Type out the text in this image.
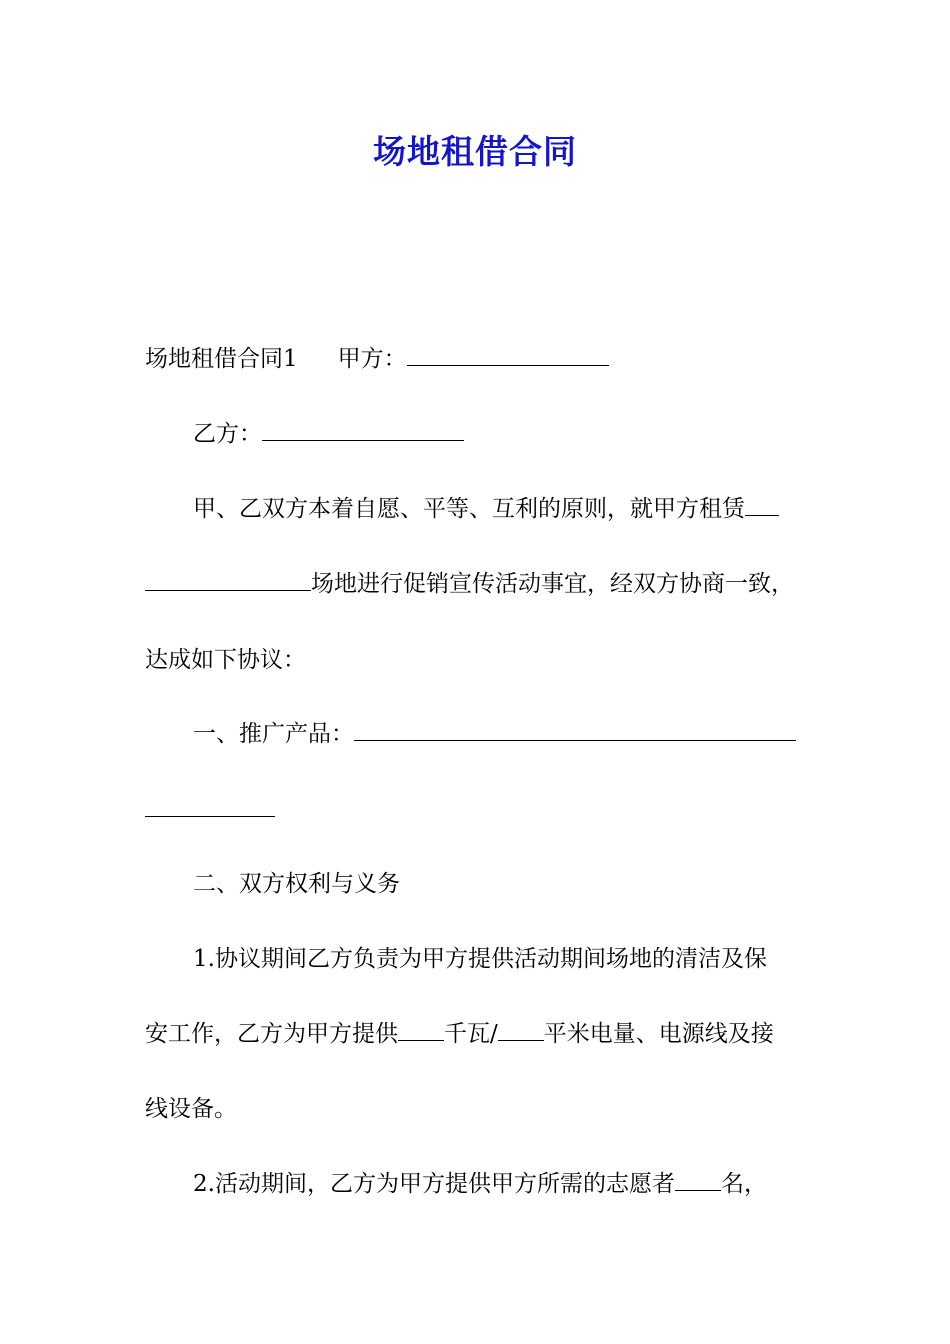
场地租借合同
场地租借合同1 甲方：
乙方：
甲、乙双方本着自愿、平等、互利的原则，就甲方租赁
场地进行促销宣传活动事宜，经双方协商一致，
达成如下协议：
一、推广产品：
二、双方权利与义务
1.协议期间乙方负责为甲方提供活动期间场地的清洁及保
安工作，乙方为甲方提供 千瓦/ 平米电量、电源线及接
线设备。
2.活动期间，乙方为甲方提供甲方所需的志愿者 名，
